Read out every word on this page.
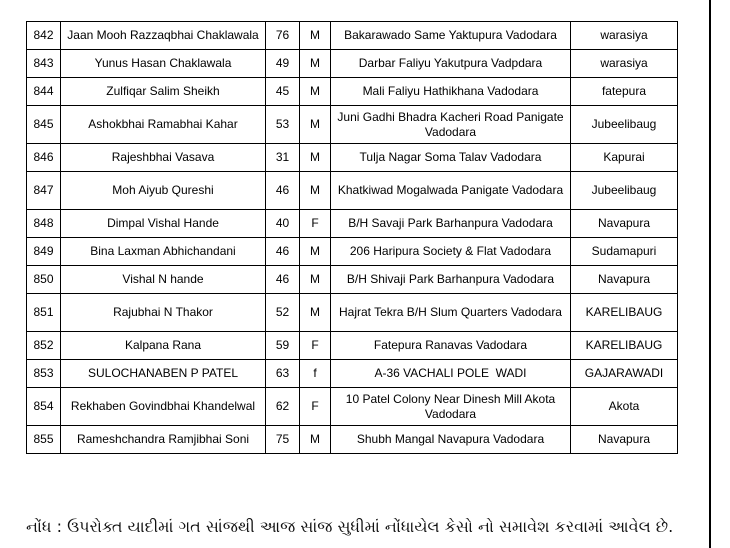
842	Jaan Mooh Razzaqbhai Chaklawala	76	M	Bakarawado Same Yaktupura Vadodara	warasiya
843	Yunus Hasan Chaklawala	49	M	Darbar Faliyu Yakutpura Vadpdara	warasiya
844	Zulfiqar Salim Sheikh	45	M	Mali Faliyu Hathikhana Vadodara	fatepura
845	Ashokbhai Ramabhai Kahar	53	M	Juni Gadhi Bhadra Kacheri Road Panigate Vadodara	Jubeelibaug
846	Rajeshbhai Vasava	31	M	Tulja Nagar Soma Talav Vadodara	Kapurai
847	Moh Aiyub Qureshi	46	M	Khatkiwad Mogalwada Panigate Vadodara	Jubeelibaug
848	Dimpal Vishal Hande	40	F	B/H Savaji Park Barhanpura Vadodara	Navapura
849	Bina Laxman Abhichandani	46	M	206 Haripura Society & Flat Vadodara	Sudamapuri
850	Vishal N hande	46	M	B/H Shivaji Park Barhanpura Vadodara	Navapura
851	Rajubhai N Thakor	52	M	Hajrat Tekra B/H Slum Quarters Vadodara	KARELIBAUG
852	Kalpana Rana	59	F	Fatepura Ranavas Vadodara	KARELIBAUG
853	SULOCHANABEN P PATEL	63	f	A-36 VACHALI POLE  WADI	GAJARAWADI
854	Rekhaben Govindbhai Khandelwal	62	F	10 Patel Colony Near Dinesh Mill Akota Vadodara	Akota
855	Rameshchandra Ramjibhai Soni	75	M	Shubh Mangal Navapura Vadodara	Navapura
નોંધ : ઉપરોક્ત યાદીમાં ગત સાંજથી આજ સાંજ સુધીમાં નોંધાયેલ કેસો નો સમાવેશ કરવામાં આવેલ છે.
